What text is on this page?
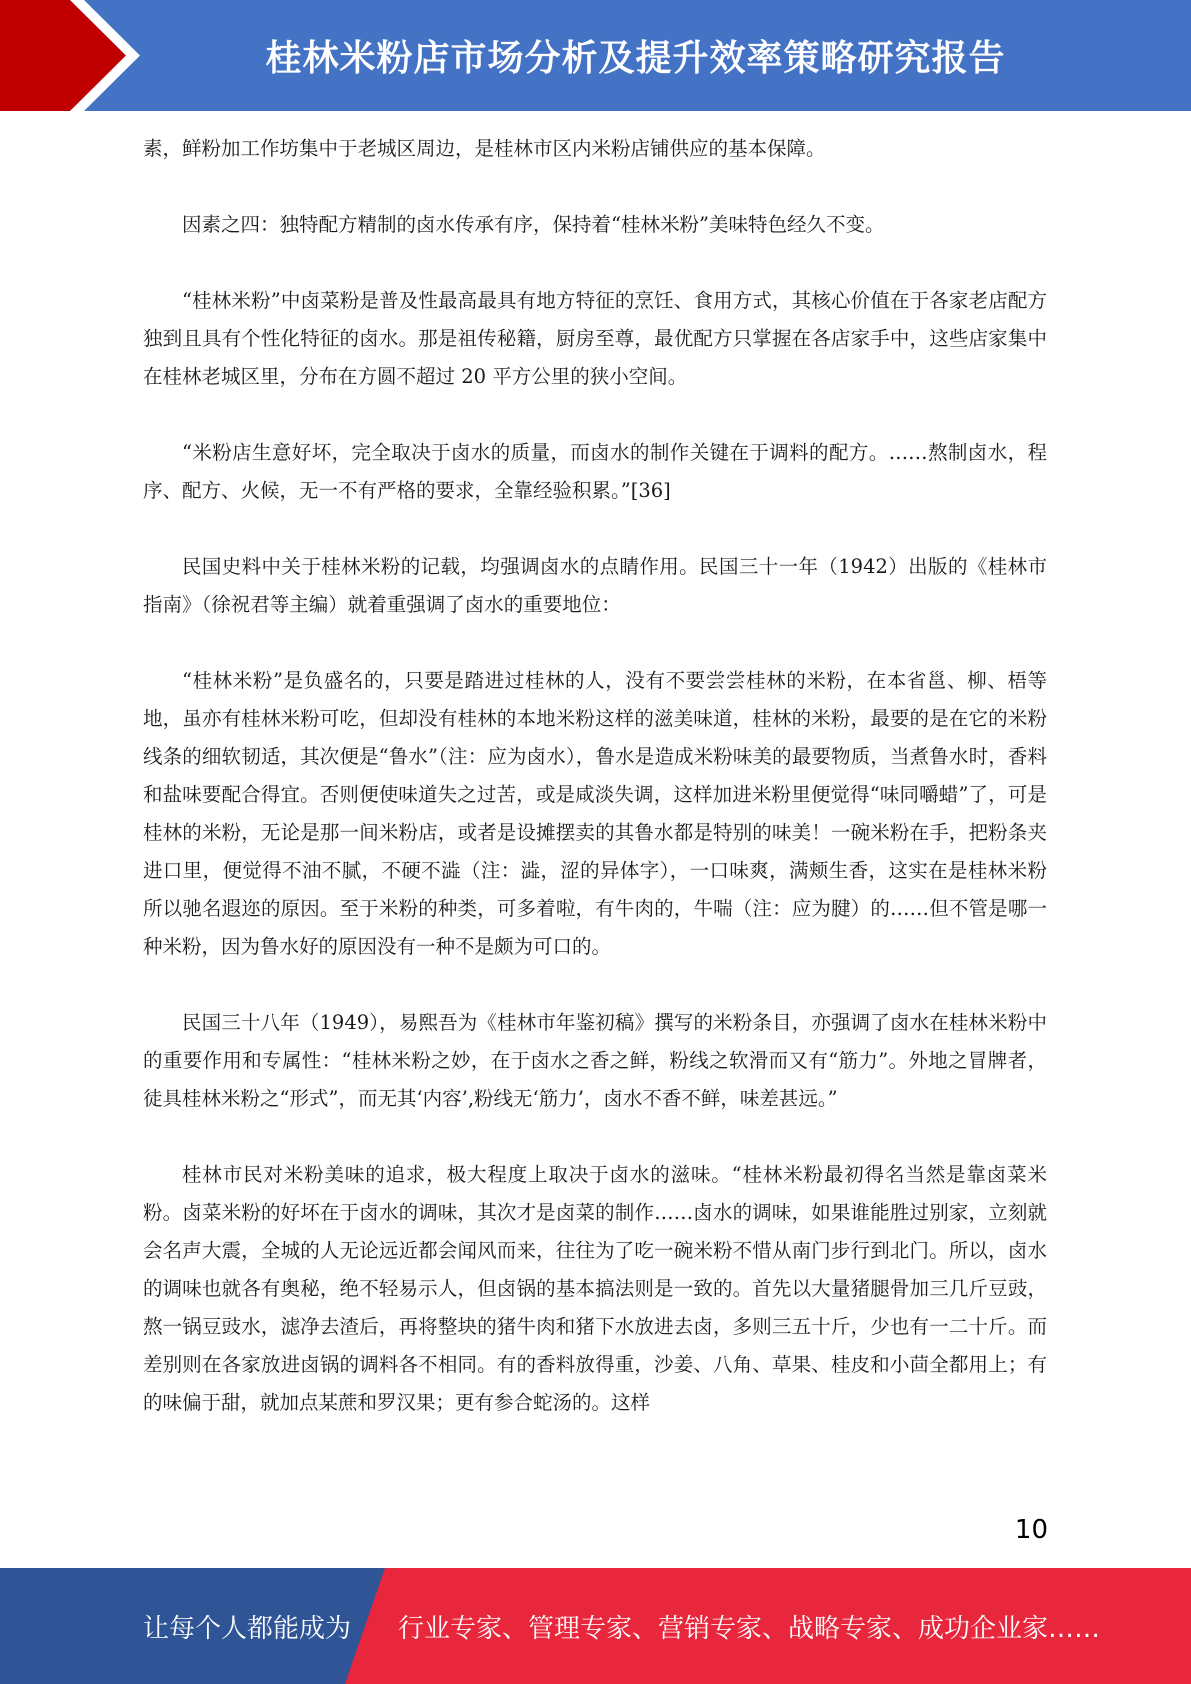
桂林米粉店市场分析及提升效率策略研究报告

素，鲜粉加工作坊集中于老城区周边，是桂林市区内米粉店铺供应的基本保障。

因素之四：独特配方精制的卤水传承有序，保持着“桂林米粉”美味特色经久不变。

“桂林米粉”中卤菜粉是普及性最高最具有地方特征的烹饪、食用方式，其核心价值在于各家老店配方独到且具有个性化特征的卤水。那是祖传秘籍，厨房至尊，最优配方只掌握在各店家手中，这些店家集中在桂林老城区里，分布在方圆不超过 20 平方公里的狭小空间。

“米粉店生意好坏，完全取决于卤水的质量，而卤水的制作关键在于调料的配方。……熬制卤水，程序、配方、火候，无一不有严格的要求，全靠经验积累。”[36]

民国史料中关于桂林米粉的记载，均强调卤水的点睛作用。民国三十一年（1942）出版的《桂林市指南》（徐祝君等主编）就着重强调了卤水的重要地位：

“桂林米粉”是负盛名的，只要是踏进过桂林的人，没有不要尝尝桂林的米粉，在本省邕、柳、梧等地，虽亦有桂林米粉可吃，但却没有桂林的本地米粉这样的滋美味道，桂林的米粉，最要的是在它的米粉线条的细软韧适，其次便是“鲁水”（注：应为卤水），鲁水是造成米粉味美的最要物质，当煮鲁水时，香料和盐味要配合得宜。否则便使味道失之过苦，或是咸淡失调，这样加进米粉里便觉得“味同嚼蜡”了，可是桂林的米粉，无论是那一间米粉店，或者是设摊摆卖的其鲁水都是特别的味美！一碗米粉在手，把粉条夹进口里，便觉得不油不腻，不硬不澁（注：澁，涩的异体字），一口味爽，满颊生香，这实在是桂林米粉所以驰名遐迩的原因。至于米粉的种类，可多着啦，有牛肉的，牛喘（注：应为腱）的……但不管是哪一种米粉，因为鲁水好的原因没有一种不是颇为可口的。

民国三十八年（1949），易熙吾为《桂林市年鉴初稿》撰写的米粉条目，亦强调了卤水在桂林米粉中的重要作用和专属性：“桂林米粉之妙，在于卤水之香之鲜，粉线之软滑而又有“筋力”。外地之冒牌者，徒具桂林米粉之“形式”，而无其‘内容’,粉线无‘筋力’，卤水不香不鲜，味差甚远。”

桂林市民对米粉美味的追求，极大程度上取决于卤水的滋味。“桂林米粉最初得名当然是靠卤菜米粉。卤菜米粉的好坏在于卤水的调味，其次才是卤菜的制作……卤水的调味，如果谁能胜过别家，立刻就会名声大震，全城的人无论远近都会闻风而来，往往为了吃一碗米粉不惜从南门步行到北门。所以，卤水的调味也就各有奥秘，绝不轻易示人，但卤锅的基本搞法则是一致的。首先以大量猪腿骨加三几斤豆豉，熬一锅豆豉水，滤净去渣后，再将整块的猪牛肉和猪下水放进去卤，多则三五十斤，少也有一二十斤。而差别则在各家放进卤锅的调料各不相同。有的香料放得重，沙姜、八角、草果、桂皮和小茴全都用上；有的味偏于甜，就加点某蔗和罗汉果；更有参合蛇汤的。这样

10
让每个人都能成为 行业专家、管理专家、营销专家、战略专家、成功企业家……
